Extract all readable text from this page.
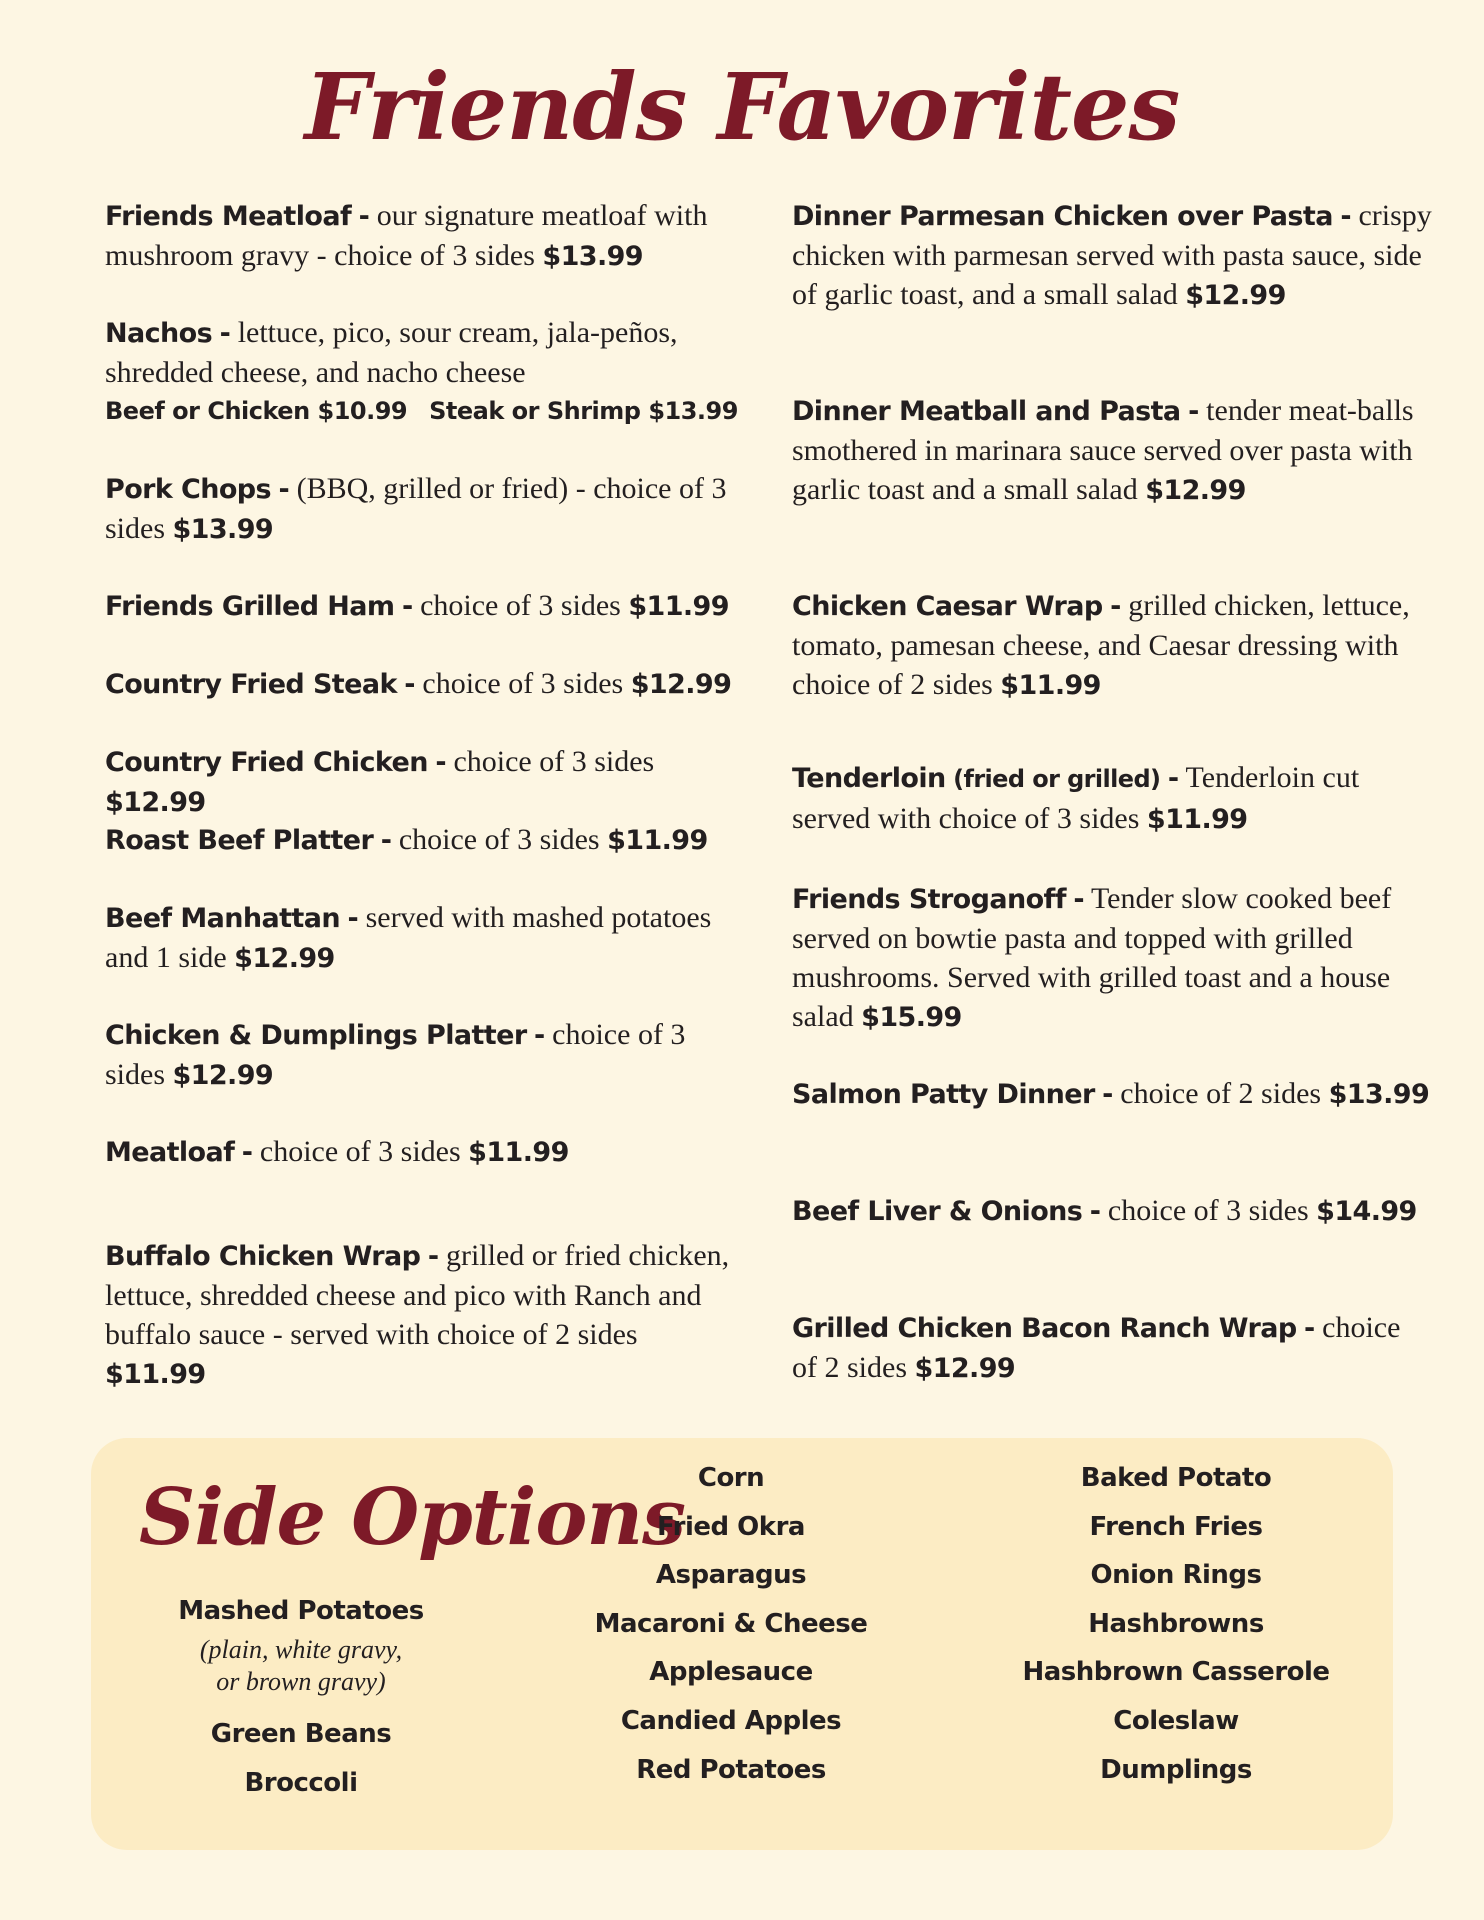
Friends Favorites
Friends Meatloaf - our signature meatloaf with mushroom gravy - choice of 3 sides $13.99
Nachos - lettuce, pico, sour cream, jala-peños, shredded cheese, and nacho cheese
Beef or Chicken $10.99 Steak or Shrimp $13.99
Pork Chops - (BBQ, grilled or fried) - choice of 3 sides $13.99
Friends Grilled Ham - choice of 3 sides $11.99
Country Fried Steak - choice of 3 sides $12.99
Country Fried Chicken - choice of 3 sides $12.99
Roast Beef Platter - choice of 3 sides $11.99
Beef Manhattan - served with mashed potatoes and 1 side $12.99
Chicken & Dumplings Platter - choice of 3 sides $12.99
Meatloaf - choice of 3 sides $11.99
Buffalo Chicken Wrap - grilled or fried chicken, lettuce, shredded cheese and pico with Ranch and buffalo sauce - served with choice of 2 sides $11.99
Dinner Parmesan Chicken over Pasta - crispy chicken with parmesan served with pasta sauce, side of garlic toast, and a small salad $12.99
Dinner Meatball and Pasta - tender meat-balls smothered in marinara sauce served over pasta with garlic toast and a small salad $12.99
Chicken Caesar Wrap - grilled chicken, lettuce, tomato, pamesan cheese, and Caesar dressing with choice of 2 sides $11.99
Tenderloin (fried or grilled) - Tenderloin cut served with choice of 3 sides $11.99
Friends Stroganoff - Tender slow cooked beef served on bowtie pasta and topped with grilled mushrooms. Served with grilled toast and a house salad $15.99
Salmon Patty Dinner - choice of 2 sides $13.99
Beef Liver & Onions - choice of 3 sides $14.99
Grilled Chicken Bacon Ranch Wrap - choice of 2 sides $12.99
Side Options
Mashed Potatoes
(plain, white gravy,
or brown gravy)
Green Beans
Broccoli
Corn
Fried Okra
Asparagus
Macaroni & Cheese
Applesauce
Candied Apples
Red Potatoes
Baked Potato
French Fries
Onion Rings
Hashbrowns
Hashbrown Casserole
Coleslaw
Dumplings
